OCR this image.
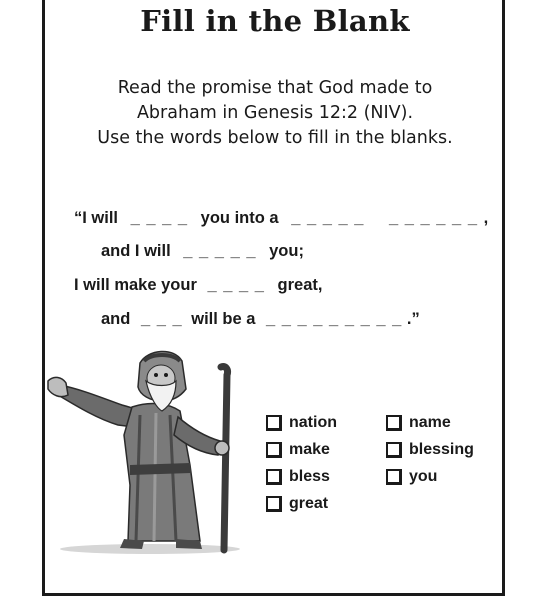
Fill in the Blank
Read the promise that God made to
Abraham in Genesis 12:2 (NIV).
Use the words below to fill in the blanks.
“I will _ _ _ _ you into a _ _ _ _ _ _ _ _ _ _ _ ,
and I will _ _ _ _ _ you;
I will make your _ _ _ _ great,
and _ _ _ will be a _ _ _ _ _ _ _ _ _ .”
nation
make
bless
great
name
blessing
you
